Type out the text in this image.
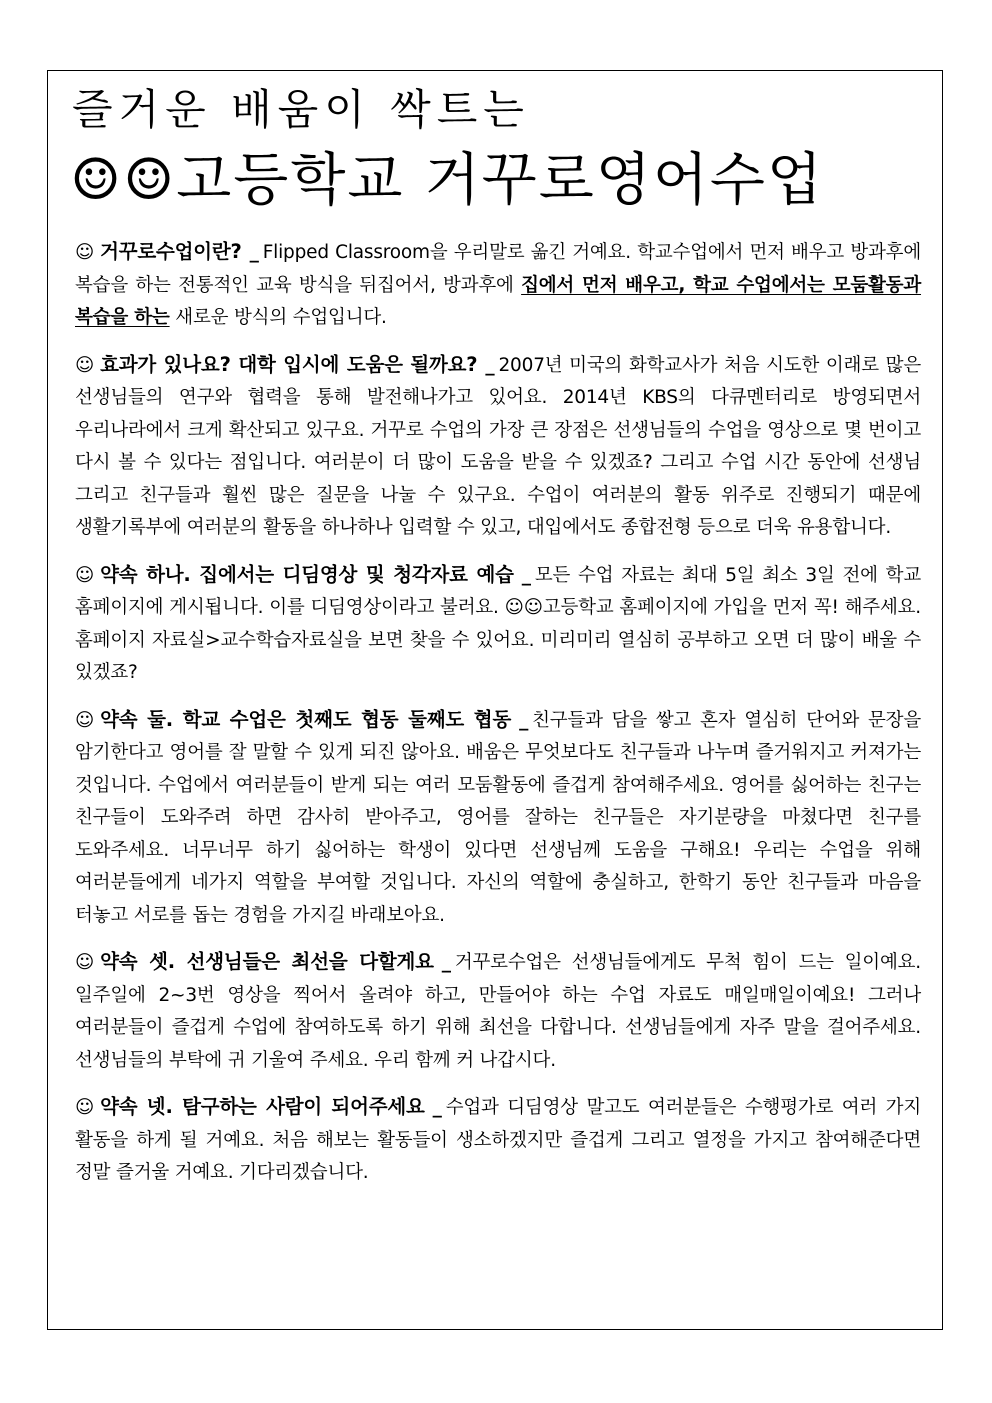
즐거운 배움이 싹트는
☺☺고등학교 거꾸로영어수업

☺ 거꾸로수업이란? _ Flipped Classroom을 우리말로 옮긴 거예요. 학교수업에서 먼저 배우고 방과후에 복습을 하는 전통적인 교육 방식을 뒤집어서, 방과후에 집에서 먼저 배우고, 학교 수업에서는 모둠활동과 복습을 하는 새로운 방식의 수업입니다.

☺ 효과가 있나요? 대학 입시에 도움은 될까요? _ 2007년 미국의 화학교사가 처음 시도한 이래로 많은 선생님들의 연구와 협력을 통해 발전해나가고 있어요. 2014년 KBS의 다큐멘터리로 방영되면서 우리나라에서 크게 확산되고 있구요. 거꾸로 수업의 가장 큰 장점은 선생님들의 수업을 영상으로 몇 번이고 다시 볼 수 있다는 점입니다. 여러분이 더 많이 도움을 받을 수 있겠죠? 그리고 수업 시간 동안에 선생님 그리고 친구들과 훨씬 많은 질문을 나눌 수 있구요. 수업이 여러분의 활동 위주로 진행되기 때문에 생활기록부에 여러분의 활동을 하나하나 입력할 수 있고, 대입에서도 종합전형 등으로 더욱 유용합니다.

☺ 약속 하나. 집에서는 디딤영상 및 청각자료 예습 _ 모든 수업 자료는 최대 5일 최소 3일 전에 학교 홈페이지에 게시됩니다. 이를 디딤영상이라고 불러요. ☺☺고등학교 홈페이지에 가입을 먼저 꼭! 해주세요. 홈페이지 자료실>교수학습자료실을 보면 찾을 수 있어요. 미리미리 열심히 공부하고 오면 더 많이 배울 수 있겠죠?

☺ 약속 둘. 학교 수업은 첫째도 협동 둘째도 협동 _ 친구들과 담을 쌓고 혼자 열심히 단어와 문장을 암기한다고 영어를 잘 말할 수 있게 되진 않아요. 배움은 무엇보다도 친구들과 나누며 즐거워지고 커져가는 것입니다. 수업에서 여러분들이 받게 되는 여러 모둠활동에 즐겁게 참여해주세요. 영어를 싫어하는 친구는 친구들이 도와주려 하면 감사히 받아주고, 영어를 잘하는 친구들은 자기분량을 마쳤다면 친구를 도와주세요. 너무너무 하기 싫어하는 학생이 있다면 선생님께 도움을 구해요! 우리는 수업을 위해 여러분들에게 네가지 역할을 부여할 것입니다. 자신의 역할에 충실하고, 한학기 동안 친구들과 마음을 터놓고 서로를 돕는 경험을 가지길 바래보아요.

☺ 약속 셋. 선생님들은 최선을 다할게요 _ 거꾸로수업은 선생님들에게도 무척 힘이 드는 일이예요. 일주일에 2~3번 영상을 찍어서 올려야 하고, 만들어야 하는 수업 자료도 매일매일이예요! 그러나 여러분들이 즐겁게 수업에 참여하도록 하기 위해 최선을 다합니다. 선생님들에게 자주 말을 걸어주세요. 선생님들의 부탁에 귀 기울여 주세요. 우리 함께 커 나갑시다.

☺ 약속 넷. 탐구하는 사람이 되어주세요 _ 수업과 디딤영상 말고도 여러분들은 수행평가로 여러 가지 활동을 하게 될 거예요. 처음 해보는 활동들이 생소하겠지만 즐겁게 그리고 열정을 가지고 참여해준다면 정말 즐거울 거예요. 기다리겠습니다.
